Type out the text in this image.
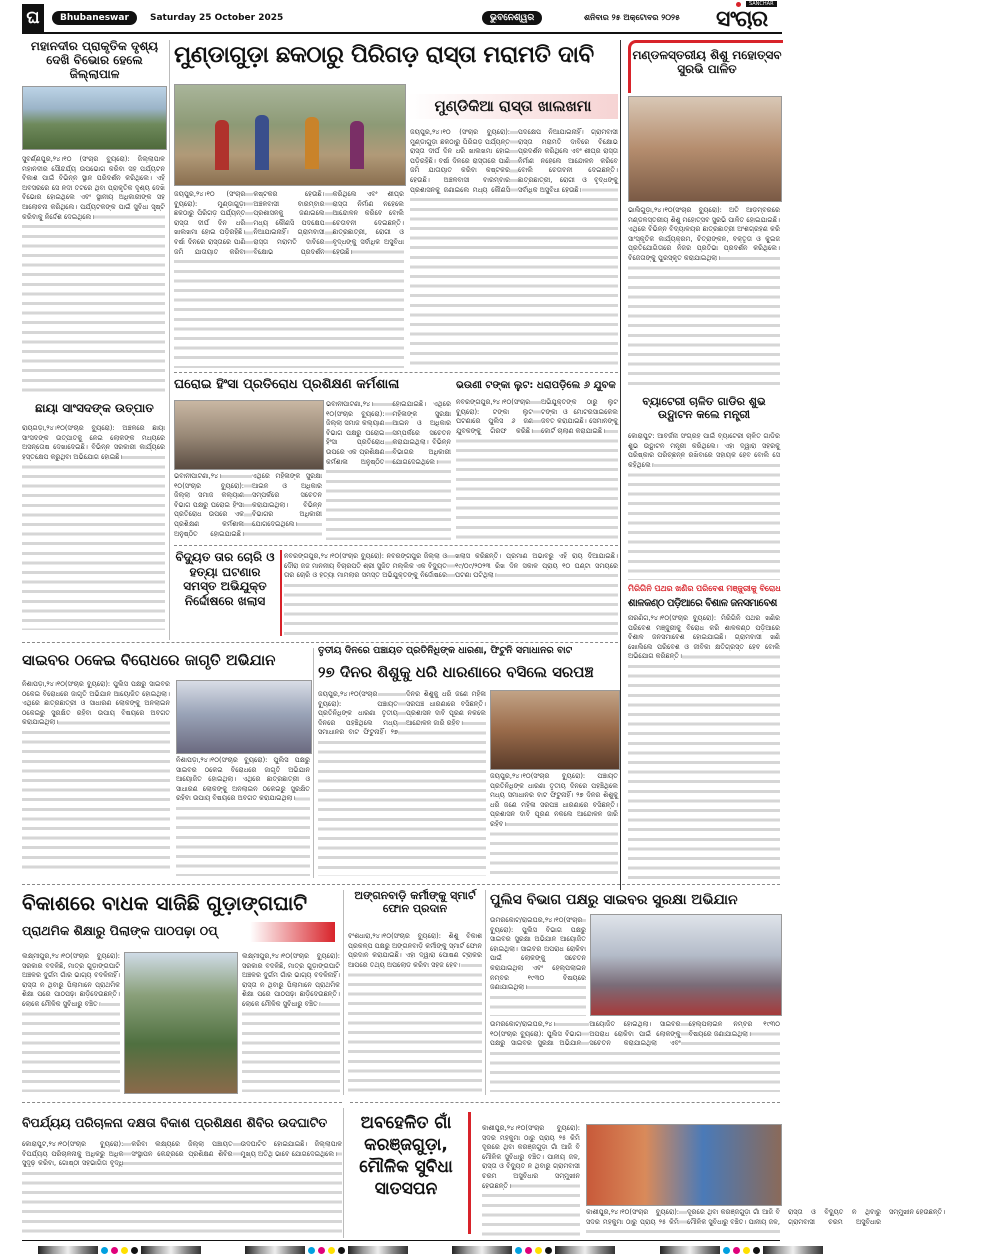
ଘ	Bhubaneswar	Saturday 25 October 2025	ଭୁବନେଶ୍ୱର	ଶନିବାର ୨୫ ଅକ୍ଟୋବର ୨୦୨୫
SANCHAR
ସଂଚାର
ମହାନଦୀର ପ୍ରାକୃତିକ ଦୃଶ୍ୟ ଦେଖି ବିଭୋର ହେଲେ ଜିଲ୍ଲାପାଳ
ସୁବର୍ଣ୍ଣପୁର,୨୪।୧୦ (ସଂଚାର ବ୍ୟୁରୋ): ଜିଲ୍ଲାପାଳ ମହାନଦୀର ସୌନ୍ଦର୍ଯ୍ୟ ଉପଭୋଗ କରିବା ସହ ପର୍ଯ୍ୟଟନ ବିକାଶ ପାଇଁ ବିଭିନ୍ନ ସ୍ଥାନ ପରିଦର୍ଶନ କରିଥିଲେ। ଏହି ଅବସରରେ ସେ ନଦୀ ତଟରେ ଥିବା ପ୍ରାକୃତିକ ଦୃଶ୍ୟ ଦେଖି ବିଭୋର ହୋଇଥିଲେ ଏବଂ ସ୍ଥାନୀୟ ଅଧିକାରୀଙ୍କ ସହ ଆଲୋଚନା କରିଥିଲେ। ପର୍ଯ୍ୟଟକଙ୍କ ପାଇଁ ସୁବିଧା ସୃଷ୍ଟି କରିବାକୁ ନିର୍ଦ୍ଦେଶ ଦେଇଥିଲେ।
ଛାୟା ସାଂସଦଙ୍କ ଉତ୍ପାତ
ରାୟଗଡ଼ା,୨୪।୧୦(ସଂଚାର ବ୍ୟୁରୋ): ଅଞ୍ଚଳରେ ଛାୟା ସାଂସଦଙ୍କ ଉତ୍ପାତକୁ ନେଇ ଲୋକଙ୍କ ମଧ୍ୟରେ ଅସନ୍ତୋଷ ଦେଖାଦେଇଛି। ବିଭିନ୍ନ ସରକାରୀ କାର୍ଯ୍ୟରେ ହସ୍ତକ୍ଷେପ କରୁଥିବା ଅଭିଯୋଗ ହୋଇଛି।
ମୁଣ୍ଡାଗୁଡ଼ା ଛକଠାରୁ ପିରିଗଡ଼ ରାସ୍ତା ମରାମତି ଦାବି
ମୁଣ୍ଡିକିଆ ରାସ୍ତା ଖାଲଖମା
ଜୟପୁର,୨୪।୧୦ (ସଂଚାର ବ୍ୟୁରୋ): ମୁଣ୍ଡାଗୁଡ଼ା ଛକଠାରୁ ପିରିଗଡ଼ ପର୍ଯ୍ୟନ୍ତ ରାସ୍ତା ଦୀର୍ଘ ଦିନ ଧରି ଖାଲଖମା ହୋଇ ପଡ଼ିରହିଛି। ବର୍ଷା ଦିନରେ ରାସ୍ତାରେ ପାଣି ଜମି ଯାତାୟାତ କରିବା କଷ୍ଟକର ହେଉଛି। ଅଞ୍ଚଳବାସୀ ବାରମ୍ବାର ପ୍ରଶାସନକୁ ଜଣାଇଲେ ମଧ୍ୟ କୌଣସି ପଦକ୍ଷେପ ନିଆଯାଇନାହିଁ। ଗ୍ରାମବାସୀ ରାସ୍ତା ମରାମତି ଦାବିରେ ବିକ୍ଷୋଭ ପ୍ରଦର୍ଶନ କରିଥିଲେ ଏବଂ ଶୀଘ୍ର ରାସ୍ତା ନିର୍ମାଣ ନହେଲେ ଆନ୍ଦୋଳନ କରିବେ ବୋଲି ଚେତାବନୀ ଦେଇଛନ୍ତି। ଛାତ୍ରଛାତ୍ରୀ, ରୋଗୀ ଓ ବୃଦ୍ଧଙ୍କୁ ସର୍ବାଧିକ ଅସୁବିଧା ହେଉଛି।
ଜୟପୁର,୨୪।୧୦ (ସଂଚାର ବ୍ୟୁରୋ): ମୁଣ୍ଡାଗୁଡ଼ା ଛକଠାରୁ ପିରିଗଡ଼ ପର୍ଯ୍ୟନ୍ତ ରାସ୍ତା ଦୀର୍ଘ ଦିନ ଧରି ଖାଲଖମା ହୋଇ ପଡ଼ିରହିଛି। ବର୍ଷା ଦିନରେ ରାସ୍ତାରେ ପାଣି ଜମି ଯାତାୟାତ କରିବା କଷ୍ଟକର ହେଉଛି। ଅଞ୍ଚଳବାସୀ ବାରମ୍ବାର ପ୍ରଶାସନକୁ ଜଣାଇଲେ ମଧ୍ୟ କୌଣସି ପଦକ୍ଷେପ ନିଆଯାଇନାହିଁ। ଗ୍ରାମବାସୀ ରାସ୍ତା ମରାମତି ଦାବିରେ ବିକ୍ଷୋଭ ପ୍ରଦର୍ଶନ କରିଥିଲେ ଏବଂ ଶୀଘ୍ର ରାସ୍ତା ନିର୍ମାଣ ନହେଲେ ଆନ୍ଦୋଳନ କରିବେ ବୋଲି ଚେତାବନୀ ଦେଇଛନ୍ତି। ଛାତ୍ରଛାତ୍ରୀ, ରୋଗୀ ଓ ବୃଦ୍ଧଙ୍କୁ ସର୍ବାଧିକ ଅସୁବିଧା ହେଉଛି।
ଘରୋଇ ହିଂସା ପ୍ରତିରୋଧ ପ୍ରଶିକ୍ଷଣ କର୍ମଶାଳା
ଭବାନୀପାଟଣା,୨୪।୧୦(ସଂଚାର ବ୍ୟୁରୋ): ଜିଲ୍ଲା ସମାଜ କଲ୍ୟାଣ ବିଭାଗ ପକ୍ଷରୁ ଘରୋଇ ହିଂସା ପ୍ରତିରୋଧ ଉପରେ ଏକ ପ୍ରଶିକ୍ଷଣ କର୍ମଶାଳା ଅନୁଷ୍ଠିତ ହୋଇଯାଇଛି। ଏଥିରେ ମହିଳାଙ୍କ ସୁରକ୍ଷା ଆଇନ ଓ ଅଧିକାର ସମ୍ପର୍କରେ ସଚେତନ କରାଯାଇଥିଲା। ବିଭିନ୍ନ ବିଭାଗର ଅଧିକାରୀ ଯୋଗଦେଇଥିଲେ।
ଭବାନୀପାଟଣା,୨୪।୧୦(ସଂଚାର ବ୍ୟୁରୋ): ଜିଲ୍ଲା ସମାଜ କଲ୍ୟାଣ ବିଭାଗ ପକ୍ଷରୁ ଘରୋଇ ହିଂସା ପ୍ରତିରୋଧ ଉପରେ ଏକ ପ୍ରଶିକ୍ଷଣ କର୍ମଶାଳା ଅନୁଷ୍ଠିତ ହୋଇଯାଇଛି। ଏଥିରେ ମହିଳାଙ୍କ ସୁରକ୍ଷା ଆଇନ ଓ ଅଧିକାର ସମ୍ପର୍କରେ ସଚେତନ କରାଯାଇଥିଲା। ବିଭିନ୍ନ ବିଭାଗର ଅଧିକାରୀ ଯୋଗଦେଇଥିଲେ।
ଭଉଣୀ ଟଙ୍କା ଲୁଟ: ଧରାପଡ଼ିଲେ ୬ ଯୁବକ
ନବରଙ୍ଗପୁର,୨୪।୧୦(ସଂଚାର ବ୍ୟୁରୋ): ଟଙ୍କା ଲୁଟ ଘଟଣାରେ ପୁଲିସ ୬ ଜଣ ଯୁବକଙ୍କୁ ଗିରଫ କରିଛି। ଅଭିଯୁକ୍ତଙ୍କ ଠାରୁ ଲୁଟ ଟଙ୍କା ଓ ମୋଟରସାଇକେଲ ଜବତ କରାଯାଇଛି। ସେମାନଙ୍କୁ କୋର୍ଟ ଚାଲାଣ କରାଯାଇଛି।
ବିଦ୍ୟୁତ ତାର ଚୋରି ଓ ହତ୍ୟା ଘଟଣାର ସମସ୍ତ ଅଭିଯୁକ୍ତ ନିର୍ଦ୍ଦୋଷରେ ଖଲାସ
ନବରଙ୍ଗପୁର,୨୪।୧୦(ସଂଚାର ବ୍ୟୁରୋ): ନବରଙ୍ଗପୁର ଜିଲ୍ଲା ଓ ଦୌରା ଜଜ ମାନନୀୟ ବିଚାରପତି ଶ୍ରୀ ସୁଜିତ ମଲ୍ଲିକ ଏକ ବିଦ୍ୟୁତ ତାର ଚୋରି ଓ ହତ୍ୟା ମାମଲାର ସମସ୍ତ ଅଭିଯୁକ୍ତଙ୍କୁ ନିର୍ଦ୍ଦୋଷରେ ଖଲାସ କରିଛନ୍ତି। ପ୍ରମାଣ ଅଭାବରୁ ଏହି ରାୟ ଦିଆଯାଇଛି। ୧୯/୦୯/୨୦୨୩ ରିଖ ଦିନ ସକାଳ ପ୍ରାୟ ୧୦ ଘଣ୍ଟା ସମୟରେ ଘଟଣା ଘଟିଥିଲା।
ମଣ୍ଡଳସ୍ତରୀୟ ଶିଶୁ ମହୋତ୍ସବ ସୁରଭି ପାଳିତ
ଭାଲିଗୁଡ଼ା,୨୪।୧୦(ସଂଚାର ବ୍ୟୁରୋ): ଅତି ଆଡ଼ମ୍ବରରେ ମଣ୍ଡଳସ୍ତରୀୟ ଶିଶୁ ମହୋତ୍ସବ ସୁରଭି ପାଳିତ ହୋଇଯାଇଛି। ଏଥିରେ ବିଭିନ୍ନ ବିଦ୍ୟାଳୟର ଛାତ୍ରଛାତ୍ରୀ ଅଂଶଗ୍ରହଣ କରି ସାଂସ୍କୃତିକ କାର୍ଯ୍ୟକ୍ରମ, ଚିତ୍ରାଙ୍କନ, ବକ୍ତୃତା ଓ କୁଇଜ ପ୍ରତିଯୋଗିତାରେ ନିଜର ପ୍ରତିଭା ପ୍ରଦର୍ଶନ କରିଥିଲେ। ବିଜେତାଙ୍କୁ ପୁରସ୍କୃତ କରାଯାଇଥିଲା।
ବ୍ୟାଟେରୀ ଚାଳିତ ଗାଡିର ଶୁଭ ଉଦ୍ଘାଟନ କଲେ ମନ୍ତ୍ରୀ
କୋରାପୁଟ: ଆବର୍ଜନା ସଂଗ୍ରହ ପାଇଁ ବ୍ୟାଟେରୀ ଚାଳିତ ଗାଡିର ଶୁଭ ଉଦ୍ଘାଟନ ମନ୍ତ୍ରୀ କରିଥିଲେ। ଏହା ଦ୍ୱାରା ସହରକୁ ପରିଷ୍କାର ପରିଚ୍ଛନ୍ନ ରଖିବାରେ ସହାୟକ ହେବ ବୋଲି ସେ କହିଥିଲେ।
ମିରିଗିନି ପଥର ଖଣିର ପରିବେଶ ମଞ୍ଜୁରୀକୁ ବିରୋଧ
ଶାଳକଣ୍ଠ ପଡ଼ିଆରେ ବିଶାଳ ଜନସମାବେଶ
ନାରଣିଗ,୨୪।୧୦(ସଂଚାର ବ୍ୟୁରୋ): ମିରିଗିନି ପଥର ଖଣିର ପରିବେଶ ମଞ୍ଜୁରୀକୁ ବିରୋଧ କରି ଶାଳକଣ୍ଠ ପଡ଼ିଆରେ ବିଶାଳ ଜନସମାବେଶ ହୋଇଯାଇଛି। ଗ୍ରାମବାସୀ ଖଣି ଖୋଲିଲେ ପରିବେଶ ଓ ଜୀବିକା କ୍ଷତିଗ୍ରସ୍ତ ହେବ ବୋଲି ଅଭିଯୋଗ କରିଛନ୍ତି।
ସାଇବର ଠକେଇ ବିରୋଧରେ ଜାଗୃତି ଅଭିଯାନ
ନିଶାପଡ଼ା,୨୪।୧୦(ସଂଚାର ବ୍ୟୁରୋ): ପୁଲିସ ପକ୍ଷରୁ ସାଇବର ଠକେଇ ବିରୋଧରେ ଜାଗୃତି ଅଭିଯାନ ଆୟୋଜିତ ହୋଇଥିଲା। ଏଥିରେ ଛାତ୍ରଛାତ୍ରୀ ଓ ସାଧାରଣ ଲୋକଙ୍କୁ ଅନଲାଇନ ଠକେଇରୁ ସୁରକ୍ଷିତ ରହିବା ଉପାୟ ବିଷୟରେ ଅବଗତ କରାଯାଇଥିଲା।
ନିଶାପଡ଼ା,୨୪।୧୦(ସଂଚାର ବ୍ୟୁରୋ): ପୁଲିସ ପକ୍ଷରୁ ସାଇବର ଠକେଇ ବିରୋଧରେ ଜାଗୃତି ଅଭିଯାନ ଆୟୋଜିତ ହୋଇଥିଲା। ଏଥିରେ ଛାତ୍ରଛାତ୍ରୀ ଓ ସାଧାରଣ ଲୋକଙ୍କୁ ଅନଲାଇନ ଠକେଇରୁ ସୁରକ୍ଷିତ ରହିବା ଉପାୟ ବିଷୟରେ ଅବଗତ କରାଯାଇଥିଲା।
ତୃତୀୟ ଦିନରେ ପଞ୍ଚାୟତ ପ୍ରତିନିଧିଙ୍କ ଧାରଣା, ଫିଟୁନି ସମାଧାନର ବାଟ
୨୭ ଦିନର ଶିଶୁକୁ ଧରି ଧାରଣାରେ ବସିଲେ ସରପଞ୍ଚ
ଜୟପୁର,୨୪।୧୦(ସଂଚାର ବ୍ୟୁରୋ): ପଞ୍ଚାୟତ ପ୍ରତିନିଧିଙ୍କ ଧାରଣା ତୃତୀୟ ଦିନରେ ପହଞ୍ଚିଥିଲେ ମଧ୍ୟ ସମାଧାନର ବାଟ ଫିଟୁନାହିଁ। ୨୭ ଦିନର ଶିଶୁକୁ ଧରି ଜଣେ ମହିଳା ସରପଞ୍ଚ ଧାରଣାରେ ବସିଛନ୍ତି। ପ୍ରଶାସନ ଦାବି ପୂରଣ ନକଲେ ଆନ୍ଦୋଳନ ଜାରି ରହିବ।
ଜୟପୁର,୨୪।୧୦(ସଂଚାର ବ୍ୟୁରୋ): ପଞ୍ଚାୟତ ପ୍ରତିନିଧିଙ୍କ ଧାରଣା ତୃତୀୟ ଦିନରେ ପହଞ୍ଚିଥିଲେ ମଧ୍ୟ ସମାଧାନର ବାଟ ଫିଟୁନାହିଁ। ୨୭ ଦିନର ଶିଶୁକୁ ଧରି ଜଣେ ମହିଳା ସରପଞ୍ଚ ଧାରଣାରେ ବସିଛନ୍ତି। ପ୍ରଶାସନ ଦାବି ପୂରଣ ନକଲେ ଆନ୍ଦୋଳନ ଜାରି ରହିବ।
ବିକାଶରେ ବାଧକ ସାଜିଛି ଗୁଡ଼ାଙ୍ଗଘାଟି
ପ୍ରାଥମିକ ଶିକ୍ଷାରୁ ପିଲାଙ୍କ ପାଠପଢ଼ା ଠପ୍
ଲକ୍ଷ୍ମୀପୁର,୨୪।୧୦(ସଂଚାର ବ୍ୟୁରୋ): ସରକାର ବଦଳିଛି, ମାତ୍ର ଗୁଡ଼ାଙ୍ଗଘାଟି ଅଞ୍ଚଳର ଦୁର୍ଗମ ଗାଁର ଭାଗ୍ୟ ବଦଳିନାହିଁ। ରାସ୍ତା ନ ଥିବାରୁ ପିଲାମାନେ ପ୍ରାଥମିକ ଶିକ୍ଷା ପରେ ପାଠପଢ଼ା ଛାଡ଼ିଦେଉଛନ୍ତି। ଲୋକେ ମୌଳିକ ସୁବିଧାରୁ ବଞ୍ଚିତ।
ଲକ୍ଷ୍ମୀପୁର,୨୪।୧୦(ସଂଚାର ବ୍ୟୁରୋ): ସରକାର ବଦଳିଛି, ମାତ୍ର ଗୁଡ଼ାଙ୍ଗଘାଟି ଅଞ୍ଚଳର ଦୁର୍ଗମ ଗାଁର ଭାଗ୍ୟ ବଦଳିନାହିଁ। ରାସ୍ତା ନ ଥିବାରୁ ପିଲାମାନେ ପ୍ରାଥମିକ ଶିକ୍ଷା ପରେ ପାଠପଢ଼ା ଛାଡ଼ିଦେଉଛନ୍ତି। ଲୋକେ ମୌଳିକ ସୁବିଧାରୁ ବଞ୍ଚିତ।
ଅଙ୍ଗନବାଡ଼ି କର୍ମୀଙ୍କୁ ସ୍ମାର୍ଟ ଫୋନ ପ୍ରଦାନ
ବଂଶଧାରା,୨୪।୧୦(ସଂଚାର ବ୍ୟୁରୋ): ଶିଶୁ ବିକାଶ ପ୍ରକଳ୍ପ ପକ୍ଷରୁ ଅଙ୍ଗନବାଡ଼ି କର୍ମୀଙ୍କୁ ସ୍ମାର୍ଟ ଫୋନ ପ୍ରଦାନ କରାଯାଇଛି। ଏହା ଦ୍ୱାରା ପୋଷଣ ଟ୍ରାକର ଆପରେ ତଥ୍ୟ ଅପଲୋଡ କରିବା ସହଜ ହେବ।
ପୁଲିସ ବିଭାଗ ପକ୍ଷରୁ ସାଇବର ସୁରକ୍ଷା ଅଭିଯାନ
ଉମରକୋଟ/ରାଇଘର,୨୪।୧୦(ସଂଚାର ବ୍ୟୁରୋ): ପୁଲିସ ବିଭାଗ ପକ୍ଷରୁ ସାଇବର ସୁରକ୍ଷା ଅଭିଯାନ ଆୟୋଜିତ ହୋଇଥିଲା। ସାଇବର ଅପରାଧ ରୋକିବା ପାଇଁ ଲୋକଙ୍କୁ ସଚେତନ କରାଯାଇଥିଲା ଏବଂ ହେଲ୍ପଲାଇନ ନମ୍ବର ୧୯୩୦ ବିଷୟରେ ଜଣାଯାଇଥିଲା।
ଉମରକୋଟ/ରାଇଘର,୨୪।୧୦(ସଂଚାର ବ୍ୟୁରୋ): ପୁଲିସ ବିଭାଗ ପକ୍ଷରୁ ସାଇବର ସୁରକ୍ଷା ଅଭିଯାନ ଆୟୋଜିତ ହୋଇଥିଲା। ସାଇବର ଅପରାଧ ରୋକିବା ପାଇଁ ଲୋକଙ୍କୁ ସଚେତନ କରାଯାଇଥିଲା ଏବଂ ହେଲ୍ପଲାଇନ ନମ୍ବର ୧୯୩୦ ବିଷୟରେ ଜଣାଯାଇଥିଲା।
ବିପର୍ଯ୍ୟୟ ପରିଚାଳନା ଦକ୍ଷତା ବିକାଶ ପ୍ରଶିକ୍ଷଣ ଶିବିର ଉଦଘାଟିତ
କୋରାପୁଟ,୨୪।୧୦(ସଂଚାର ବ୍ୟୁରୋ): ବିପର୍ଯ୍ୟୟ ପରିଚାଳନାକୁ ଅଧିକରୁ ଅଧିକ ସୁଦୃଢ଼ କରିବା, ଗୋଷ୍ଠୀ ସହଭାଗିତା ବୃଦ୍ଧି କରିବା ଲକ୍ଷ୍ୟରେ ଜିଲ୍ଲା ପଞ୍ଚାୟତ ସଂସ୍ଥାପନ କେନ୍ଦ୍ରରେ ପ୍ରଶିକ୍ଷଣ ଶିବିର ଉଦଘାଟିତ ହୋଇଯାଇଛି। ଜିଲ୍ଲାପାଳ ମୁଖ୍ୟ ଅତିଥି ଭାବେ ଯୋଗଦେଇଥିଲେ।
ଅବହେଳିତ ଗାଁ କରଞ୍ଜଗୁଡ଼ା, ମୌଳିକ ସୁବିଧା ସାତସପନ
କାଶୀପୁର,୨୪।୧୦(ସଂଚାର ବ୍ୟୁରୋ): ସଦର ମହକୁମା ଠାରୁ ପ୍ରାୟ ୨୫ କିମି ଦୂରରେ ଥିବା କରଞ୍ଜଗୁଡ଼ା ଗାଁ ଆଜି ବି ମୌଳିକ ସୁବିଧାରୁ ବଞ୍ଚିତ। ପାନୀୟ ଜଳ, ରାସ୍ତା ଓ ବିଦ୍ୟୁତ ନ ଥିବାରୁ ଗ୍ରାମବାସୀ ଚରମ ଅସୁବିଧାର ସମ୍ମୁଖୀନ ହେଉଛନ୍ତି।
କାଶୀପୁର,୨୪।୧୦(ସଂଚାର ବ୍ୟୁରୋ): ସଦର ମହକୁମା ଠାରୁ ପ୍ରାୟ ୨୫ କିମି ଦୂରରେ ଥିବା କରଞ୍ଜଗୁଡ଼ା ଗାଁ ଆଜି ବି ମୌଳିକ ସୁବିଧାରୁ ବଞ୍ଚିତ। ପାନୀୟ ଜଳ, ରାସ୍ତା ଓ ବିଦ୍ୟୁତ ନ ଥିବାରୁ ଗ୍ରାମବାସୀ ଚରମ ଅସୁବିଧାର ସମ୍ମୁଖୀନ ହେଉଛନ୍ତି।
